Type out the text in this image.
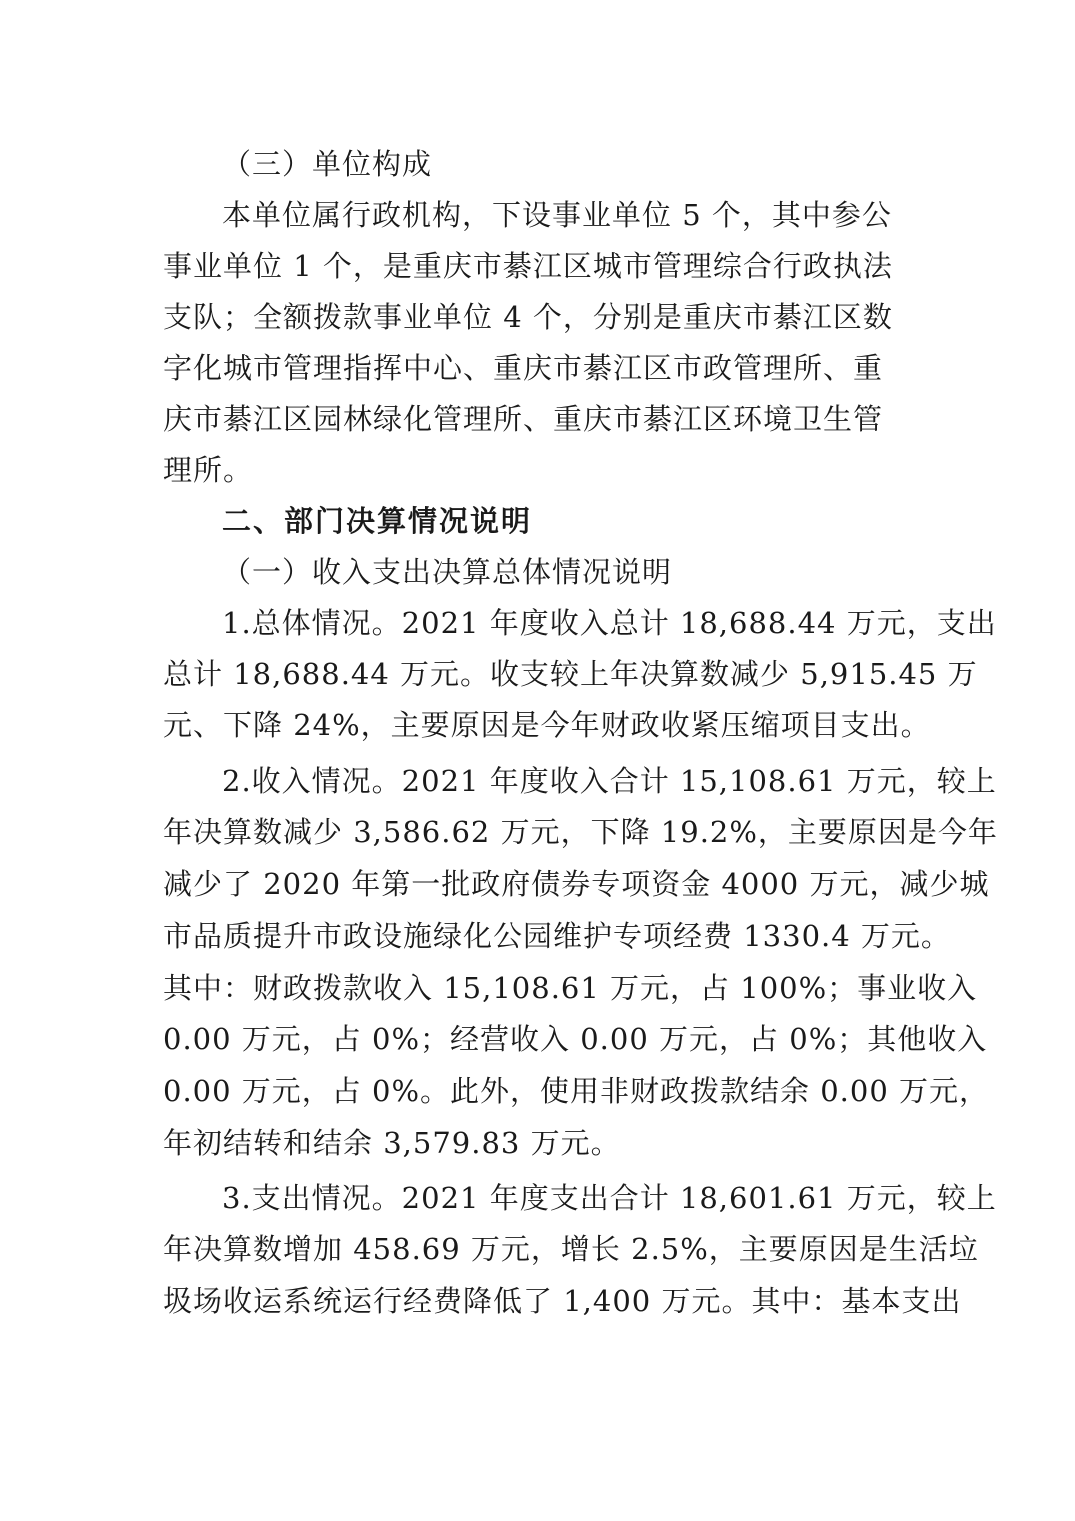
（三）单位构成
本单位属行政机构，下设事业单位 5 个，其中参公
事业单位 1 个，是重庆市綦江区城市管理综合行政执法
支队；全额拨款事业单位 4 个，分别是重庆市綦江区数
字化城市管理指挥中心、重庆市綦江区市政管理所、重
庆市綦江区园林绿化管理所、重庆市綦江区环境卫生管
理所。
二、部门决算情况说明
（一）收入支出决算总体情况说明
1.总体情况。2021 年度收入总计 18,688.44 万元，支出
总计 18,688.44 万元。收支较上年决算数减少 5,915.45 万
元、下降 24%，主要原因是今年财政收紧压缩项目支出。
2.收入情况。2021 年度收入合计 15,108.61 万元，较上
年决算数减少 3,586.62 万元，下降 19.2%，主要原因是今年
减少了 2020 年第一批政府债券专项资金 4000 万元，减少城
市品质提升市政设施绿化公园维护专项经费 1330.4 万元。
其中：财政拨款收入 15,108.61 万元，占 100%；事业收入
0.00 万元，占 0%；经营收入 0.00 万元，占 0%；其他收入
0.00 万元，占 0%。此外，使用非财政拨款结余 0.00 万元，
年初结转和结余 3,579.83 万元。
3.支出情况。2021 年度支出合计 18,601.61 万元，较上
年决算数增加 458.69 万元，增长 2.5%，主要原因是生活垃
圾场收运系统运行经费降低了 1,400 万元。其中：基本支出
